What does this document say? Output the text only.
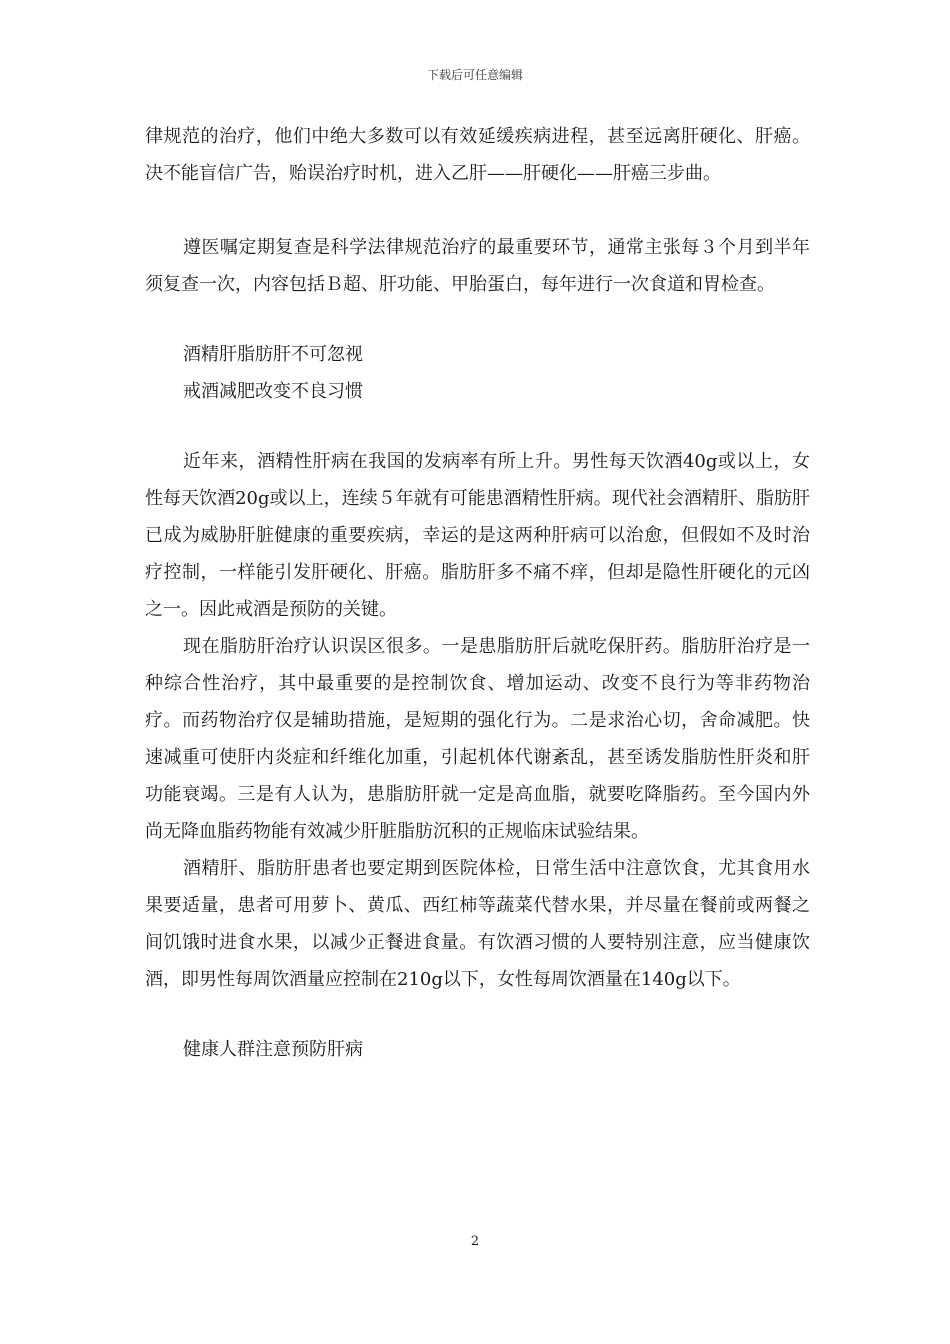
下载后可任意编辑

律规范的治疗，他们中绝大多数可以有效延缓疾病进程，甚至远离肝硬化、肝癌。决不能盲信广告，贻误治疗时机，进入乙肝——肝硬化——肝癌三步曲。

遵医嘱定期复查是科学法律规范治疗的最重要环节，通常主张每３个月到半年须复查一次，内容包括Ｂ超、肝功能、甲胎蛋白，每年进行一次食道和胃检查。

酒精肝脂肪肝不可忽视

戒酒减肥改变不良习惯

近年来，酒精性肝病在我国的发病率有所上升。男性每天饮酒40g或以上，女性每天饮酒20g或以上，连续５年就有可能患酒精性肝病。现代社会酒精肝、脂肪肝已成为威胁肝脏健康的重要疾病，幸运的是这两种肝病可以治愈，但假如不及时治疗控制，一样能引发肝硬化、肝癌。脂肪肝多不痛不痒，但却是隐性肝硬化的元凶之一。因此戒酒是预防的关键。

现在脂肪肝治疗认识误区很多。一是患脂肪肝后就吃保肝药。脂肪肝治疗是一种综合性治疗，其中最重要的是控制饮食、增加运动、改变不良行为等非药物治疗。而药物治疗仅是辅助措施，是短期的强化行为。二是求治心切，舍命减肥。快速减重可使肝内炎症和纤维化加重，引起机体代谢紊乱，甚至诱发脂肪性肝炎和肝功能衰竭。三是有人认为，患脂肪肝就一定是高血脂，就要吃降脂药。至今国内外尚无降血脂药物能有效减少肝脏脂肪沉积的正规临床试验结果。

酒精肝、脂肪肝患者也要定期到医院体检，日常生活中注意饮食，尤其食用水果要适量，患者可用萝卜、黄瓜、西红柿等蔬菜代替水果，并尽量在餐前或两餐之间饥饿时进食水果，以减少正餐进食量。有饮酒习惯的人要特别注意，应当健康饮酒，即男性每周饮酒量应控制在210g以下，女性每周饮酒量在140g以下。

健康人群注意预防肝病

2
